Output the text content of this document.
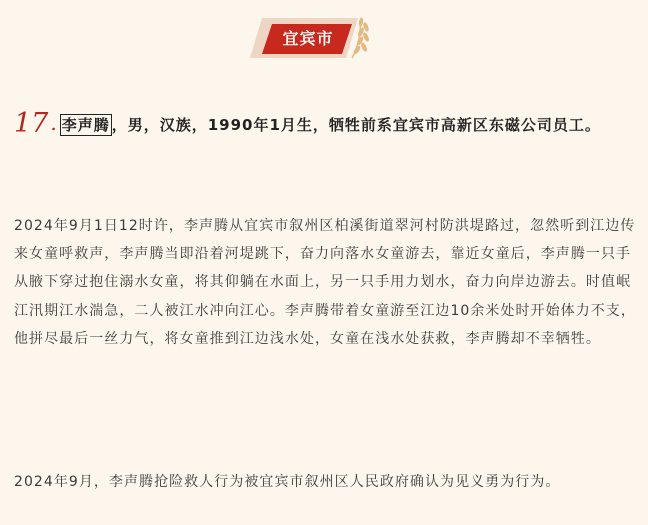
宜宾市
17 . 李声腾 ，男，汉族，1990年1月生，牺牲前系宜宾市高新区东磁公司员工。

2024年9月1日12时许，李声腾从宜宾市叙州区柏溪街道翠河村防洪堤路过，忽然听到江边传来女童呼救声，李声腾当即沿着河堤跳下，奋力向落水女童游去，靠近女童后，李声腾一只手从腋下穿过抱住溺水女童，将其仰躺在水面上，另一只手用力划水，奋力向岸边游去。时值岷江汛期江水湍急，二人被江水冲向江心。李声腾带着女童游至江边10余米处时开始体力不支，他拼尽最后一丝力气，将女童推到江边浅水处，女童在浅水处获救，李声腾却不幸牺牲。

2024年9月，李声腾抢险救人行为被宜宾市叙州区人民政府确认为见义勇为行为。
